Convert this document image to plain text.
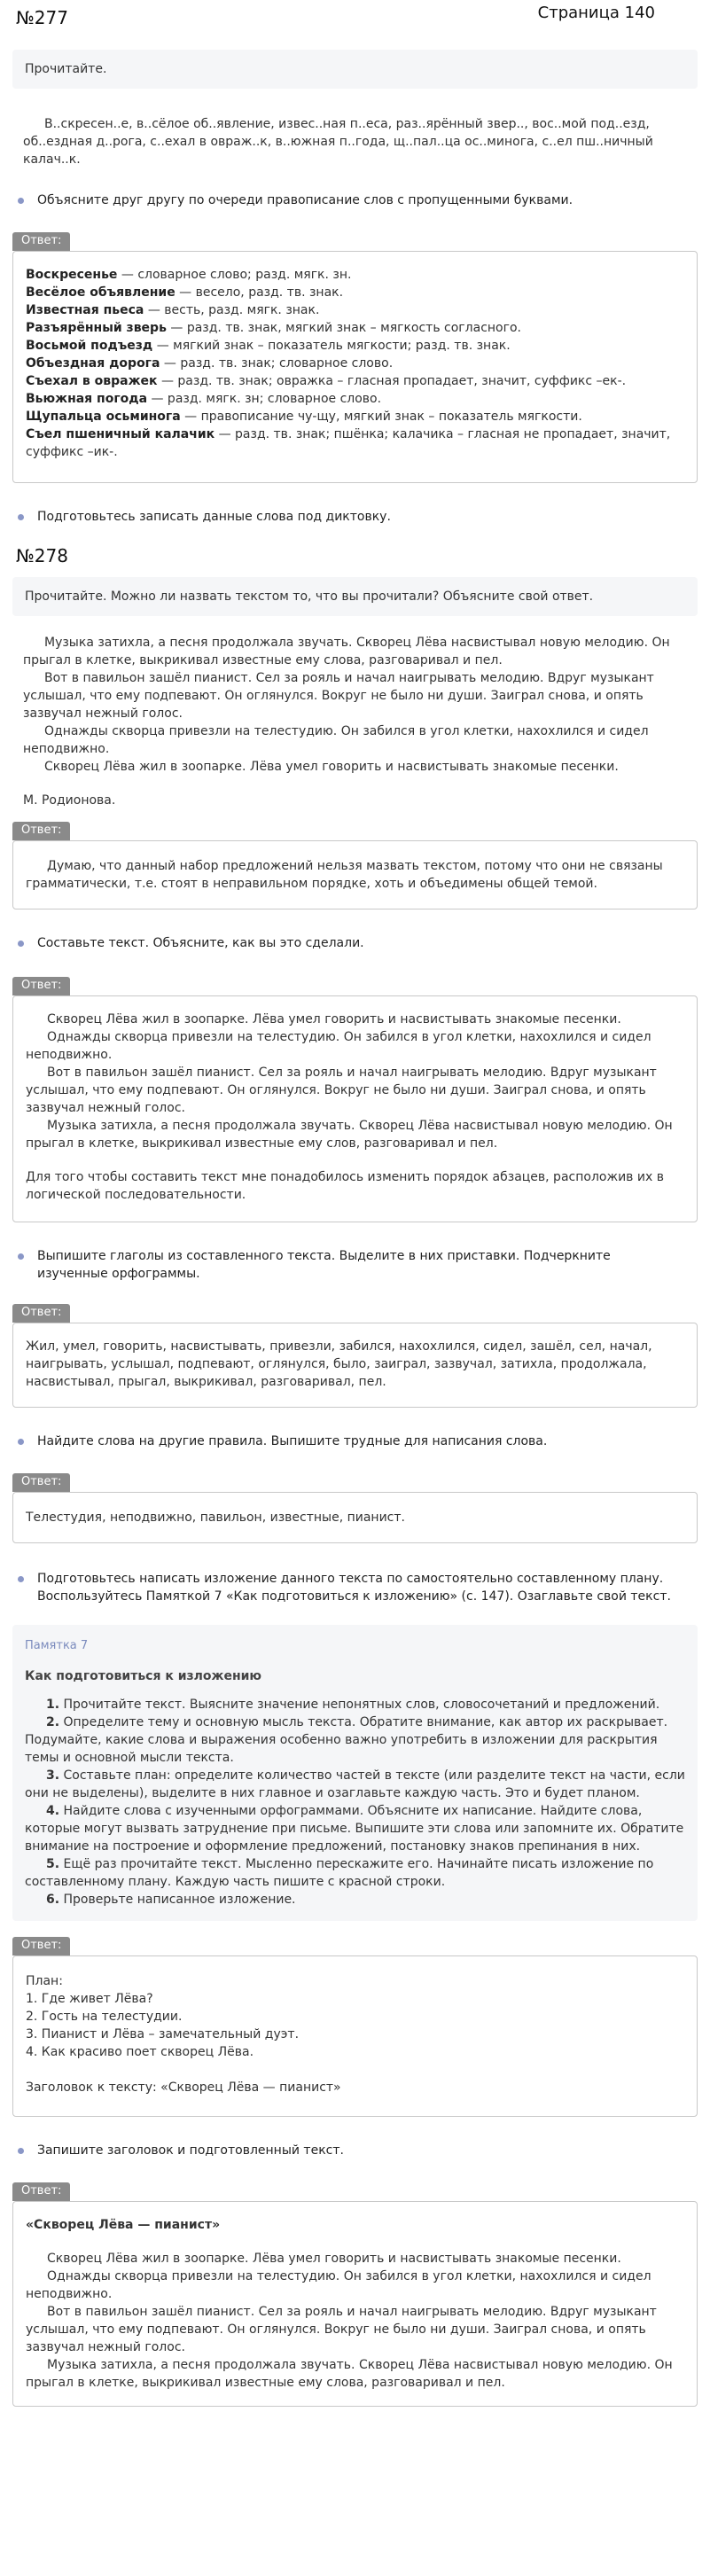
№277	Страница 140
Прочитайте.

В..скресен..е, в..сёлое об..явление, извес..ная п..еса, раз..ярённый звер.., вос..мой под..езд, об..ездная д..рога, с..ехал в овраж..к, в..южная п..года, щ..пал..ца ос..минога, с..ел пш..ничный калач..к.

Объясните друг другу по очереди правописание слов с пропущенными буквами.
Ответ:

Воскресенье — словарное слово; разд. мягк. зн.

Весёлое объявление — весело, разд. тв. знак.

Известная пьеса — весть, разд. мягк. знак.

Разъярённый зверь — разд. тв. знак, мягкий знак – мягкость согласного.

Восьмой подъезд — мягкий знак – показатель мягкости; разд. тв. знак.

Объездная дорога — разд. тв. знак; словарное слово.

Съехал в овражек — разд. тв. знак; овражка – гласная пропадает, значит, суффикс –ек-.

Вьюжная погода — разд. мягк. зн; словарное слово.

Щупальца осьминога — правописание чу-щу, мягкий знак – показатель мягкости.

Съел пшеничный калачик — разд. тв. знак; пшёнка; калачика – гласная не пропадает, значит, суффикс –ик-.

Подготовьтесь записать данные слова под диктовку.
№278
Прочитайте. Можно ли назвать текстом то, что вы прочитали? Объясните свой ответ.

Музыка затихла, а песня продолжала звучать. Скворец Лёва насвистывал новую мелодию. Он прыгал в клетке, выкрикивал известные ему слова, разговаривал и пел.

Вот в павильон зашёл пианист. Сел за рояль и начал наигрывать мелодию. Вдруг музыкант услышал, что ему подпевают. Он оглянулся. Вокруг не было ни души. Заиграл снова, и опять зазвучал нежный голос.

Однажды скворца привезли на телестудию. Он забился в угол клетки, нахохлился и сидел неподвижно.

Скворец Лёва жил в зоопарке. Лёва умел говорить и насвистывать знакомые песенки.

М. Родионова.

Ответ:

Думаю, что данный набор предложений нельзя мазвать текстом, потому что они не связаны грамматически, т.е. стоят в неправильном порядке, хоть и объедимены общей темой.

Составьте текст. Объясните, как вы это сделали.
Ответ:

Скворец Лёва жил в зоопарке. Лёва умел говорить и насвистывать знакомые песенки.

Однажды скворца привезли на телестудию. Он забился в угол клетки, нахохлился и сидел неподвижно.

Вот в павильон зашёл пианист. Сел за рояль и начал наигрывать мелодию. Вдруг музыкант услышал, что ему подпевают. Он оглянулся. Вокруг не было ни души. Заиграл снова, и опять зазвучал нежный голос.

Музыка затихла, а песня продолжала звучать. Скворец Лёва насвистывал новую мелодию. Он прыгал в клетке, выкрикивал известные ему слов, разговаривал и пел.

Для того чтобы составить текст мне понадобилось изменить порядок абзацев, расположив их в логической последовательности.

Выпишите глаголы из составленного текста. Выделите в них приставки. Подчеркните изученные орфограммы.
Ответ:

Жил, умел, говорить, насвистывать, привезли, забился, нахохлился, сидел, зашёл, сел, начал, наигрывать, услышал, подпевают, оглянулся, было, заиграл, зазвучал, затихла, продолжала, насвистывал, прыгал, выкрикивал, разговаривал, пел.

Найдите слова на другие правила. Выпишите трудные для написания слова.
Ответ:

Телестудия, неподвижно, павильон, известные, пианист.

Подготовьтесь написать изложение данного текста по самостоятельно составленному плану. Воспользуйтесь Памяткой 7 «Как подготовиться к изложению» (с. 147). Озаглавьте свой текст.
Памятка 7
Как подготовиться к изложению

1. Прочитайте текст. Выясните значение непонятных слов, словосочетаний и предложений.

2. Определите тему и основную мысль текста. Обратите внимание, как автор их раскрывает. Подумайте, какие слова и выражения особенно важно употребить в изложении для раскрытия темы и основной мысли текста.

3. Составьте план: определите количество частей в тексте (или разделите текст на части, если они не выделены), выделите в них главное и озаглавьте каждую часть. Это и будет планом.

4. Найдите слова с изученными орфограммами. Объясните их написание. Найдите слова, которые могут вызвать затруднение при письме. Выпишите эти слова или запомните их. Обратите внимание на построение и оформление предложений, постановку знаков препинания в них.

5. Ещё раз прочитайте текст. Мысленно перескажите его. Начинайте писать изложение по составленному плану. Каждую часть пишите с красной строки.

6. Проверьте написанное изложение.

Ответ:

План:

1. Где живет Лёва?

2. Гость на телестудии.

3. Пианист и Лёва – замечательный дуэт.

4. Как красиво поет скворец Лёва.

Заголовок к тексту: «Скворец Лёва — пианист»

Запишите заголовок и подготовленный текст.
Ответ:

«Скворец Лёва — пианист»

Скворец Лёва жил в зоопарке. Лёва умел говорить и насвистывать знакомые песенки.

Однажды скворца привезли на телестудию. Он забился в угол клетки, нахохлился и сидел неподвижно.

Вот в павильон зашёл пианист. Сел за рояль и начал наигрывать мелодию. Вдруг музыкант услышал, что ему подпевают. Он оглянулся. Вокруг не было ни души. Заиграл снова, и опять зазвучал нежный голос.

Музыка затихла, а песня продолжала звучать. Скворец Лёва насвистывал новую мелодию. Он прыгал в клетке, выкрикивал известные ему слова, разговаривал и пел.
